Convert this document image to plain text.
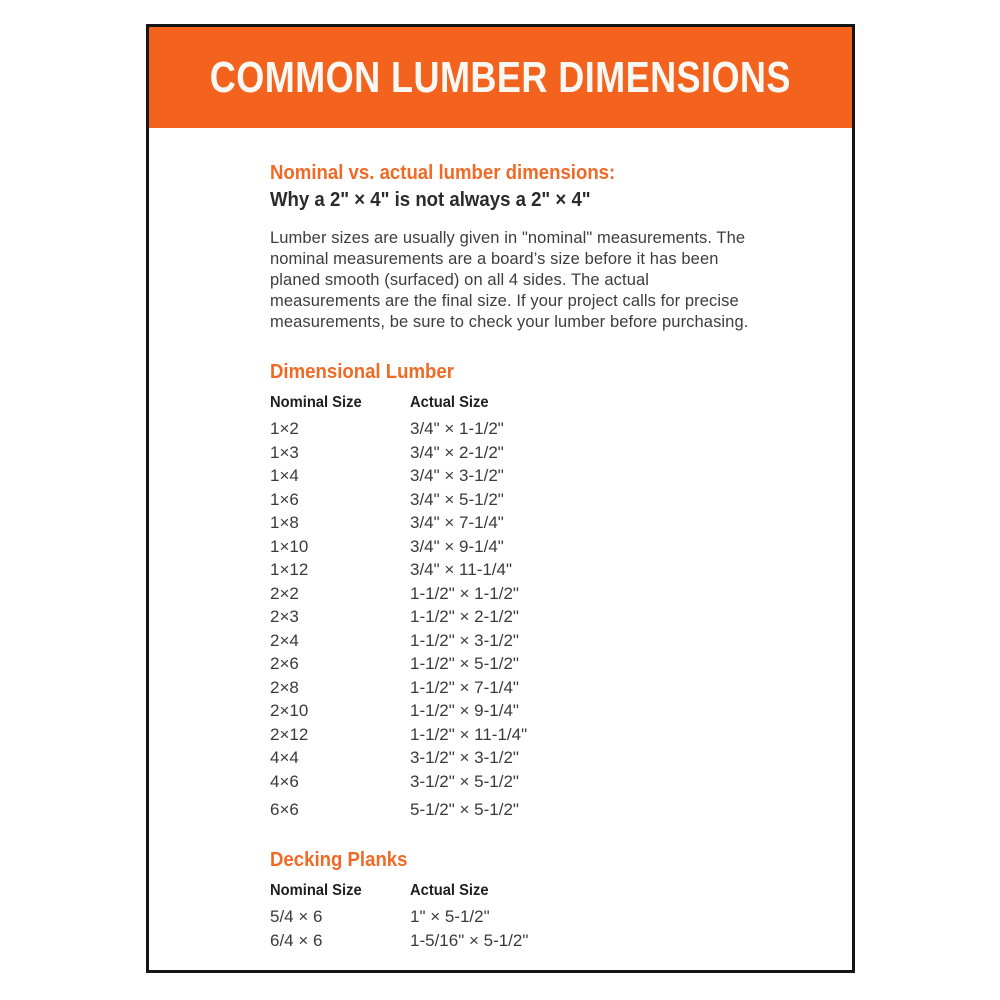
COMMON LUMBER DIMENSIONS
Nominal vs. actual lumber dimensions:
Why a 2" × 4" is not always a 2" × 4"

Lumber sizes are usually given in "nominal" measurements. The nominal measurements are a board’s size before it has been planed smooth (surfaced) on all 4 sides. The actual measurements are the final size. If your project calls for precise measurements, be sure to check your lumber before purchasing.

Dimensional Lumber
Nominal Size	Actual Size
1×2	3/4" × 1-1/2"
1×3	3/4" × 2-1/2"
1×4	3/4" × 3-1/2"
1×6	3/4" × 5-1/2"
1×8	3/4" × 7-1/4"
1×10	3/4" × 9-1/4"
1×12	3/4" × 11-1/4"
2×2	1-1/2" × 1-1/2"
2×3	1-1/2" × 2-1/2"
2×4	1-1/2" × 3-1/2"
2×6	1-1/2" × 5-1/2"
2×8	1-1/2" × 7-1/4"
2×10	1-1/2" × 9-1/4"
2×12	1-1/2" × 11-1/4"
4×4	3-1/2" × 3-1/2"
4×6	3-1/2" × 5-1/2"
6×6	5-1/2" × 5-1/2"
Decking Planks
Nominal Size	Actual Size
5/4 × 6	1" × 5-1/2"
6/4 × 6	1-5/16" × 5-1/2"
